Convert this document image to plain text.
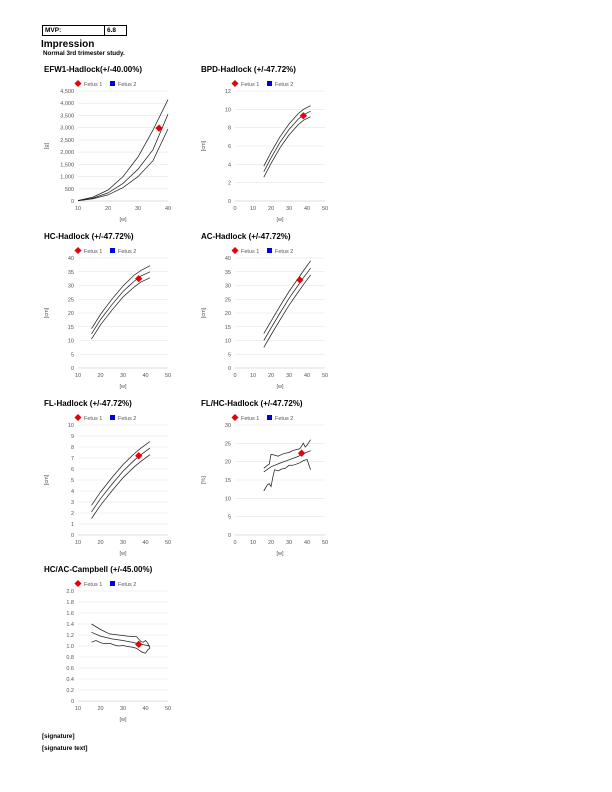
MVP:	6.8
Impression
Normal 3rd trimester study.
EFW1-Hadlock(+/-40.00%)
Fetus 1	Fetus 2
0
500
1,000
1,500
2,000
2,500
3,000
3,500
4,000
4,500
10	20	30	40
[w]
[g]
BPD-Hadlock (+/-47.72%)
Fetus 1	Fetus 2
0
2
4
6
8
10
12
0 10 20 30 40 50
[w]
[cm]
HC-Hadlock (+/-47.72%)
Fetus 1	Fetus 2
0
5
10
15
20
25
30
35
40
10	20	30	40	50
[w]
[cm]
AC-Hadlock (+/-47.72%)
Fetus 1	Fetus 2
0
5
10
15
20
25
30
35
40
0 10 20 30 40 50
[w]
[cm]
FL-Hadlock (+/-47.72%)
Fetus 1	Fetus 2
0
1
2
3
4
5
6
7
8
9
10
10	20	30	40	50
[w]
[cm]
FL/HC-Hadlock (+/-47.72%)
Fetus 1	Fetus 2
0
5
10
15
20
25
30
0 10 20 30 40 50
[w]
[%]
HC/AC-Campbell (+/-45.00%)
Fetus 1	Fetus 2
0
0.2
0.4
0.6
0.8
1.0
1.2
1.4
1.6
1.8
2.0
10	20	30	40	50
[w]
[signature]
[signature text]
